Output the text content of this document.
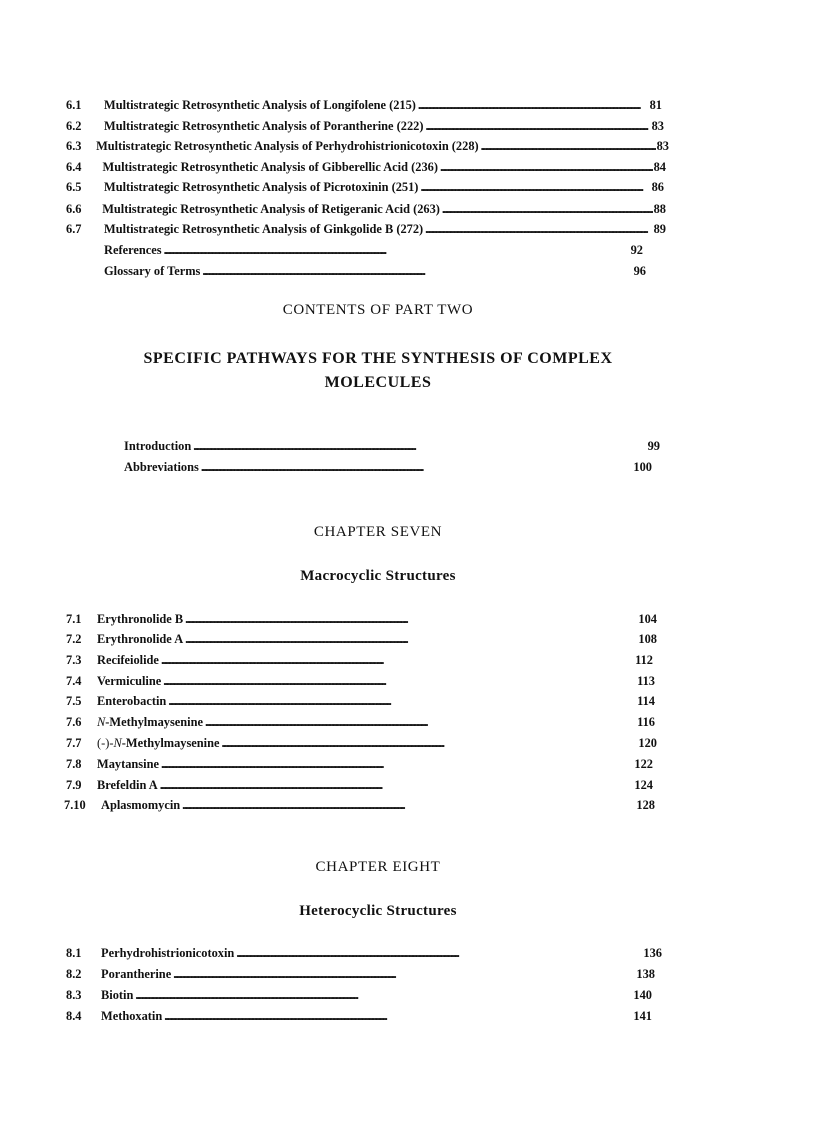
6.1	Multistrategic Retrosynthetic Analysis of Longifolene (215) . . .	81
6.2	Multistrategic Retrosynthetic Analysis of Porantherine (222) . . .	83
6.3	Multistrategic Retrosynthetic Analysis of Perhydrohistrionicotoxin (228) . . .	83
6.4	Multistrategic Retrosynthetic Analysis of Gibberellic Acid (236) . . .	84
6.5	Multistrategic Retrosynthetic Analysis of Picrotoxinin (251) . . .	86
6.6	Multistrategic Retrosynthetic Analysis of Retigeranic Acid (263) . . .	88
6.7	Multistrategic Retrosynthetic Analysis of Ginkgolide B (272) . . .	89
References . . .	92
Glossary of Terms . . .	96
CONTENTS OF PART TWO
SPECIFIC PATHWAYS FOR THE SYNTHESIS OF COMPLEX
MOLECULES
Introduction . . .	99
Abbreviations . . .	100
CHAPTER SEVEN
Macrocyclic Structures
7.1	Erythronolide B . . .	104
7.2	Erythronolide A . . .	108
7.3	Recifeiolide . . .	112
7.4	Vermiculine . . .	113
7.5	Enterobactin . . .	114
7.6	N-Methylmaysenine . . .	116
7.7	(-)-N-Methylmaysenine . . .	120
7.8	Maytansine . . .	122
7.9	Brefeldin A . . .	124
7.10	Aplasmomycin . . .	128
CHAPTER EIGHT
Heterocyclic Structures
8.1	Perhydrohistrionicotoxin . . .	136
8.2	Porantherine . . .	138
8.3	Biotin . . .	140
8.4	Methoxatin . . .	141
